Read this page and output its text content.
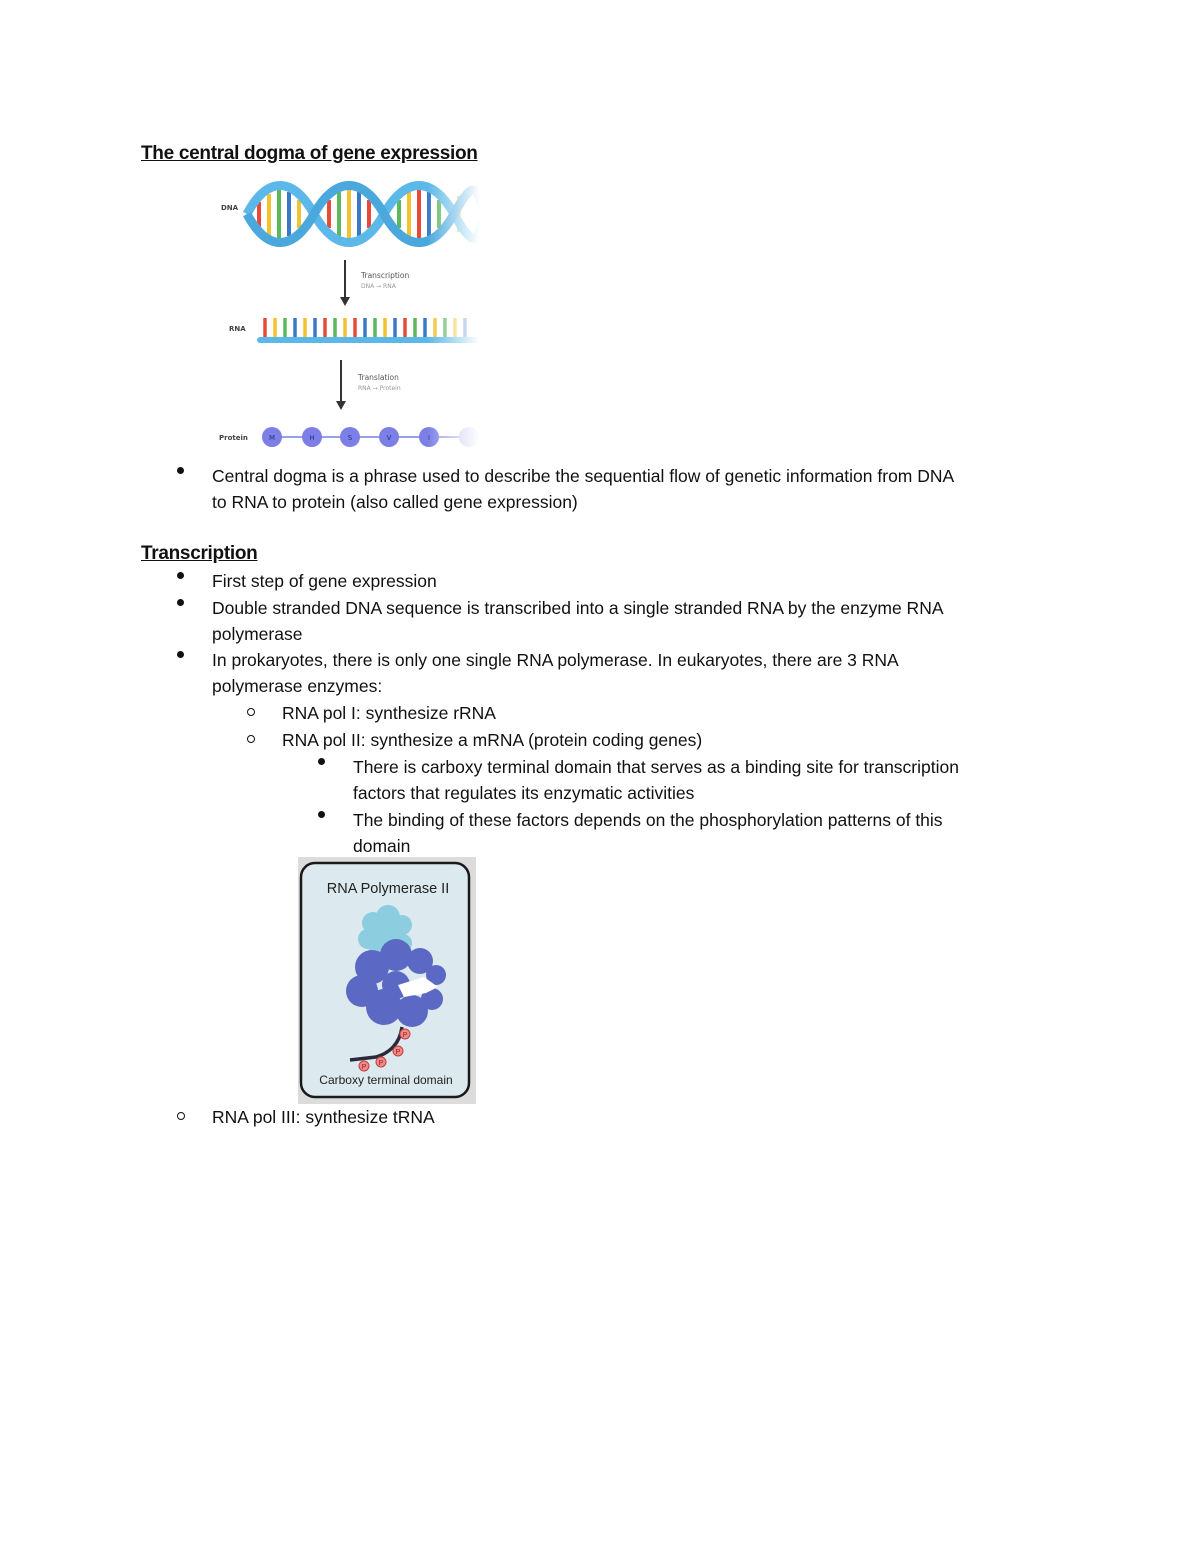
The central dogma of gene expression
Central dogma is a phrase used to describe the sequential flow of genetic information from DNA
to RNA to protein (also called gene expression)
Transcription
First step of gene expression
Double stranded DNA sequence is transcribed into a single stranded RNA by the enzyme RNA
polymerase
In prokaryotes, there is only one single RNA polymerase. In eukaryotes, there are 3 RNA
polymerase enzymes:
RNA pol I: synthesize rRNA
RNA pol II: synthesize a mRNA (protein coding genes)
There is carboxy terminal domain that serves as a binding site for transcription
factors that regulates its enzymatic activities
The binding of these factors depends on the phosphorylation patterns of this
domain
RNA Polymerase II
P
P
P
P
Carboxy terminal domain
RNA pol III: synthesize tRNA
